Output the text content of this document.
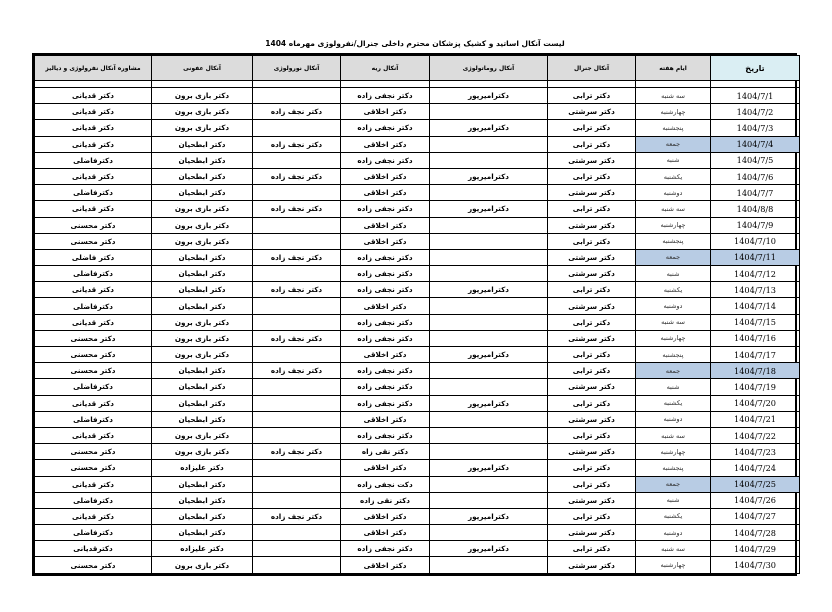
لیست آنکال اساتید و کشیک پزشکان محترم داخلی جنرال/نفرولوژی مهرماه 1404
تاریخ	ایام هفته	آنکال جنرال	آنکال روماتولوژی	آنکال ریه	آنکال نورولوژی	آنکال عفونی	مشاوره آنکال نفرولوژی و دیالیز

1404/7/1	سه شنبه	دکتر ترابی	دکترامیرپور	دکتر نجفی زاده		دکتر بازی برون	دکتر قدیانی
1404/7/2	چهارشنبه	دکتر سرشتی		دکتر اخلاقی	دکتر نجف زاده	دکتر بازی برون	دکتر قدیانی
1404/7/3	پنجشنبه	دکتر ترابی	دکترامیرپور	دکتر نجفی زاده		دکتر بازی برون	دکتر قدیانی
1404/7/4	جمعه	دکتر ترابی		دکتر اخلاقی	دکتر نجف زاده	دکتر ابطحیان	دکتر قدیانی
1404/7/5	شنبه	دکتر سرشتی		دکتر نجفی زاده		دکتر ابطحیان	دکترفاضلی
1404/7/6	یکشنبه	دکتر ترابی	دکترامیرپور	دکتر اخلاقی	دکتر نجف زاده	دکتر ابطحیان	دکتر قدیانی
1404/7/7	دوشنبه	دکتر سرشتی		دکتر اخلاقی		دکتر ابطحیان	دکترفاضلی
1404/8/8	سه شنبه	دکتر ترابی	دکترامیرپور	دکتر نجفی زاده	دکتر نجف زاده	دکتر بازی برون	دکتر قدیانی
1404/7/9	چهارشنبه	دکتر سرشتی		دکتر اخلاقی		دکتر بازی برون	دکتر محسنی
1404/7/10	پنجشنبه	دکتر ترابی		دکتر اخلاقی		دکتر بازی برون	دکتر محسنی
1404/7/11	جمعه	دکتر سرشتی		دکتر نجفی زاده	دکتر نجف زاده	دکتر ابطحیان	دکتر فاضلی
1404/7/12	شنبه	دکتر سرشتی		دکتر نجفی زاده		دکتر ابطحیان	دکترفاضلی
1404/7/13	یکشنبه	دکتر ترابی	دکترامیرپور	دکتر نجفی زاده	دکتر نجف زاده	دکتر ابطحیان	دکتر قدیانی
1404/7/14	دوشنبه	دکتر سرشتی		دکتر اخلاقی		دکتر ابطحیان	دکترفاضلی
1404/7/15	سه شنبه	دکتر ترابی		دکتر نجفی زاده		دکتر بازی برون	دکتر قدیانی
1404/7/16	چهارشنبه	دکتر سرشتی		دکتر نجفی زاده	دکتر نجف زاده	دکتر بازی برون	دکتر محسنی
1404/7/17	پنجشنبه	دکتر ترابی	دکترامیرپور	دکتر اخلاقی		دکتر بازی برون	دکتر محسنی
1404/7/18	جمعه	دکتر ترابی		دکتر نجفی زاده	دکتر نجف زاده	دکتر ابطحیان	دکتر محسنی
1404/7/19	شنبه	دکتر سرشتی		دکتر نجفی زاده		دکتر ابطحیان	دکترفاضلی
1404/7/20	یکشنبه	دکتر ترابی	دکترامیرپور	دکتر نجفی زاده		دکتر ابطحیان	دکتر قدیانی
1404/7/21	دوشنبه	دکتر سرشتی		دکتر اخلاقی		دکتر ابطحیان	دکترفاضلی
1404/7/22	سه شنبه	دکتر ترابی		دکتر نجفی زاده		دکتر بازی برون	دکتر قدیانی
1404/7/23	چهارشنبه	دکتر سرشتی		دکتر نقی زاه	دکتر نجف زاده	دکتر بازی برون	دکتر محسنی
1404/7/24	پنجشنبه	دکتر ترابی	دکترامیرپور	دکتر اخلاقی		دکتر علیزاده	دکتر محسنی
1404/7/25	جمعه	دکتر ترابی		دکت نجفی زاده		دکتر ابطحیان	دکتر قدیانی
1404/7/26	شنبه	دکتر سرشتی		دکتر نقی زاده		دکتر ابطحیان	دکترفاضلی
1404/7/27	یکشنبه	دکتر ترابی	دکترامیرپور	دکتر اخلاقی	دکتر نجف زاده	دکتر ابطحیان	دکتر قدیانی
1404/7/28	دوشنبه	دکتر سرشتی		دکتر اخلاقی		دکتر ابطحیان	دکترفاضلی
1404/7/29	سه شنبه	دکتر ترابی	دکترامیرپور	دکتر نجفی زاده		دکتر علیزاده	دکترقدیانی
1404/7/30	چهارشنبه	دکتر سرشتی		دکتر اخلاقی		دکتر بازی برون	دکتر محسنی
